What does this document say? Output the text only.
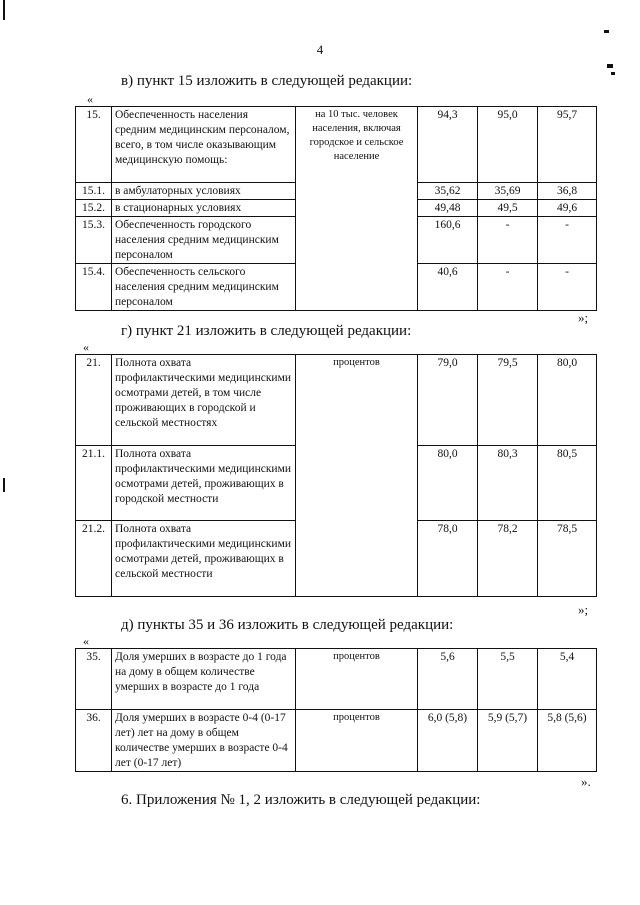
4
в) пункт 15 изложить в следующей редакции:
«
15.	Обеспеченность населения средним медицинским персоналом, всего, в том числе оказывающим медицинскую помощь:	на 10 тыс. человек населения, включая городское и сельское население	94,3	95,0	95,7
15.1.	в амбулаторных условиях		35,62	35,69	36,8
15.2.	в стационарных условиях		49,48	49,5	49,6
15.3.	Обеспеченность городского населения средним медицинским персоналом		160,6	-	-
15.4.	Обеспеченность сельского населения средним медицинским персоналом		40,6	-	-
»;
г) пункт 21 изложить в следующей редакции:
«
21.	Полнота охвата профилактическими медицинскими осмотрами детей, в том числе проживающих в городской и сельской местностях	процентов	79,0	79,5	80,0
21.1.	Полнота охвата профилактическими медицинскими осмотрами детей, проживающих в городской местности		80,0	80,3	80,5
21.2.	Полнота охвата профилактическими медицинскими осмотрами детей, проживающих в сельской местности		78,0	78,2	78,5
»;
д) пункты 35 и 36 изложить в следующей редакции:
«
35.	Доля умерших в возрасте до 1 года на дому в общем количестве умерших в возрасте до 1 года	процентов	5,6	5,5	5,4
36.	Доля умерших в возрасте 0-4 (0-17 лет) лет на дому в общем количестве умерших в возрасте 0-4 лет (0-17 лет)	процентов	6,0 (5,8)	5,9 (5,7)	5,8 (5,6)
».
6. Приложения № 1, 2 изложить в следующей редакции:
